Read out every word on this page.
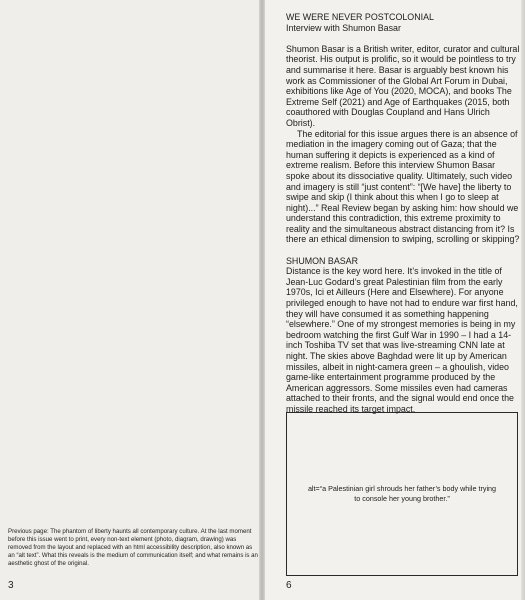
Previous page: The phantom of liberty haunts all contemporary culture. At the last moment before this issue went to print, every non-text element (photo, diagram, drawing) was removed from the layout and replaced with an html accessibility description, also known as an “alt text”. What this reveals is the medium of communication itself; and what remains is an aesthetic ghost of the original.

3
WE WERE NEVER POSTCOLONIAL
Interview with Shumon Basar

Shumon Basar is a British writer, editor, curator and cultural theorist. His output is prolific, so it would be pointless to try and summarise it here. Basar is arguably best known his work as Commissioner of the Global Art Forum in Dubai, exhibitions like Age of You (2020, MOCA), and books The Extreme Self (2021) and Age of Earthquakes (2015, both coauthored with Douglas Coupland and Hans Ulrich Obrist).

The editorial for this issue argues there is an absence of mediation in the imagery coming out of Gaza; that the human suffering it depicts is experienced as a kind of extreme realism. Before this interview Shumon Basar spoke about its dissociative quality. Ultimately, such video and imagery is still “just content”: “[We have] the liberty to swipe and skip (I think about this when I go to sleep at night)...” Real Review began by asking him: how should we understand this contradiction, this extreme proximity to reality and the simultaneous abstract distancing from it? Is there an ethical dimension to swiping, scrolling or skipping?

SHUMON BASAR

Distance is the key word here. It’s invoked in the title of Jean-Luc Godard’s great Palestinian film from the early 1970s, Ici et Ailleurs (Here and Elsewhere). For anyone privileged enough to have not had to endure war first hand, they will have consumed it as something happening “elsewhere.” One of my strongest memories is being in my bedroom watching the first Gulf War in 1990 – I had a 14-inch Toshiba TV set that was live-streaming CNN late at night. The skies above Baghdad were lit up by American missiles, albeit in night-camera green – a ghoulish, video game-like entertainment programme produced by the American aggressors. Some missiles even had cameras attached to their fronts, and the signal would end once the missile reached its target impact.

alt=“a Palestinian girl shrouds her father’s body while trying to console her young brother.”

6
